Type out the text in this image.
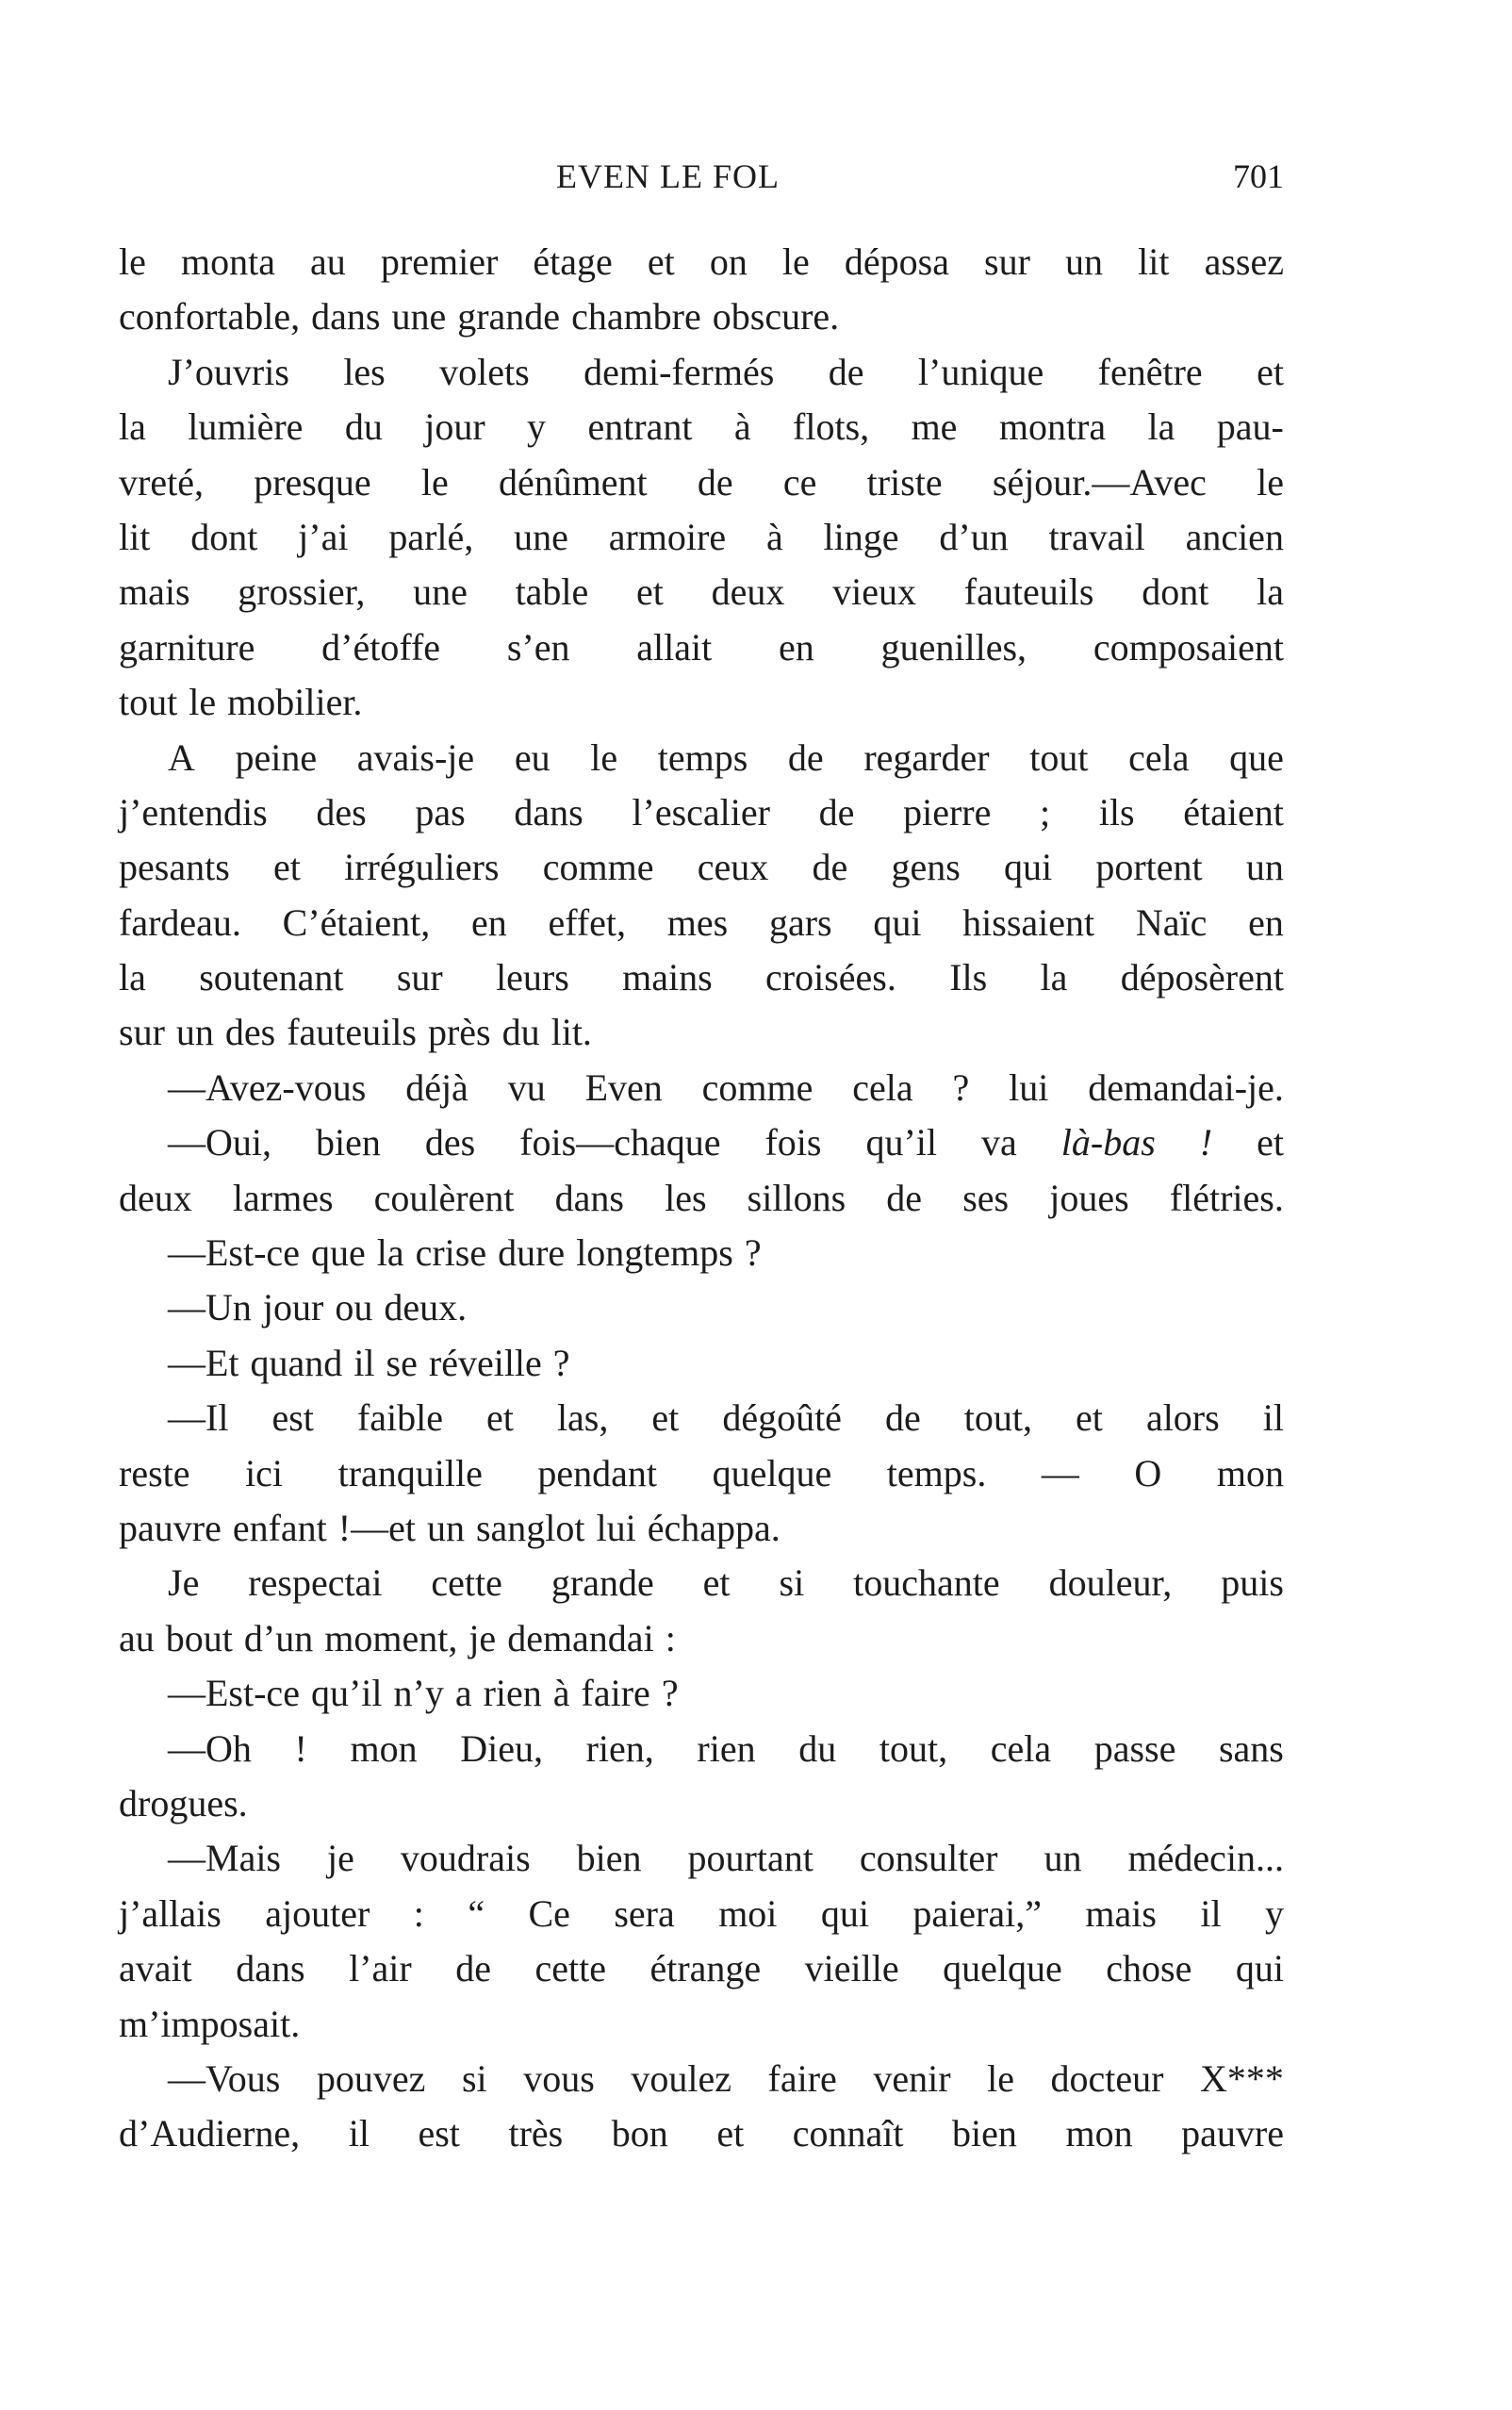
EVEN LE FOL	701
le monta au premier étage et on le déposa sur un lit assez
confortable, dans une grande chambre obscure.
J’ouvris les volets demi-fermés de l’unique fenêtre et
la lumière du jour y entrant à flots, me montra la pau-
vreté, presque le dénûment de ce triste séjour.—Avec le
lit dont j’ai parlé, une armoire à linge d’un travail ancien
mais grossier, une table et deux vieux fauteuils dont la
garniture d’étoffe s’en allait en guenilles, composaient
tout le mobilier.
A peine avais-je eu le temps de regarder tout cela que
j’entendis des pas dans l’escalier de pierre ; ils étaient
pesants et irréguliers comme ceux de gens qui portent un
fardeau. C’étaient, en effet, mes gars qui hissaient Naïc en
la soutenant sur leurs mains croisées. Ils la déposèrent
sur un des fauteuils près du lit.
—Avez-vous déjà vu Even comme cela ? lui demandai-je.
—Oui, bien des fois—chaque fois qu’il va là-bas ! et
deux larmes coulèrent dans les sillons de ses joues flétries.
—Est-ce que la crise dure longtemps ?
—Un jour ou deux.
—Et quand il se réveille ?
—Il est faible et las, et dégoûté de tout, et alors il
reste ici tranquille pendant quelque temps. — O mon
pauvre enfant !—et un sanglot lui échappa.
Je respectai cette grande et si touchante douleur, puis
au bout d’un moment, je demandai :
—Est-ce qu’il n’y a rien à faire ?
—Oh ! mon Dieu, rien, rien du tout, cela passe sans
drogues.
—Mais je voudrais bien pourtant consulter un médecin...
j’allais ajouter : “ Ce sera moi qui paierai,” mais il y
avait dans l’air de cette étrange vieille quelque chose qui
m’imposait.
—Vous pouvez si vous voulez faire venir le docteur X***
d’Audierne, il est très bon et connaît bien mon pauvre
